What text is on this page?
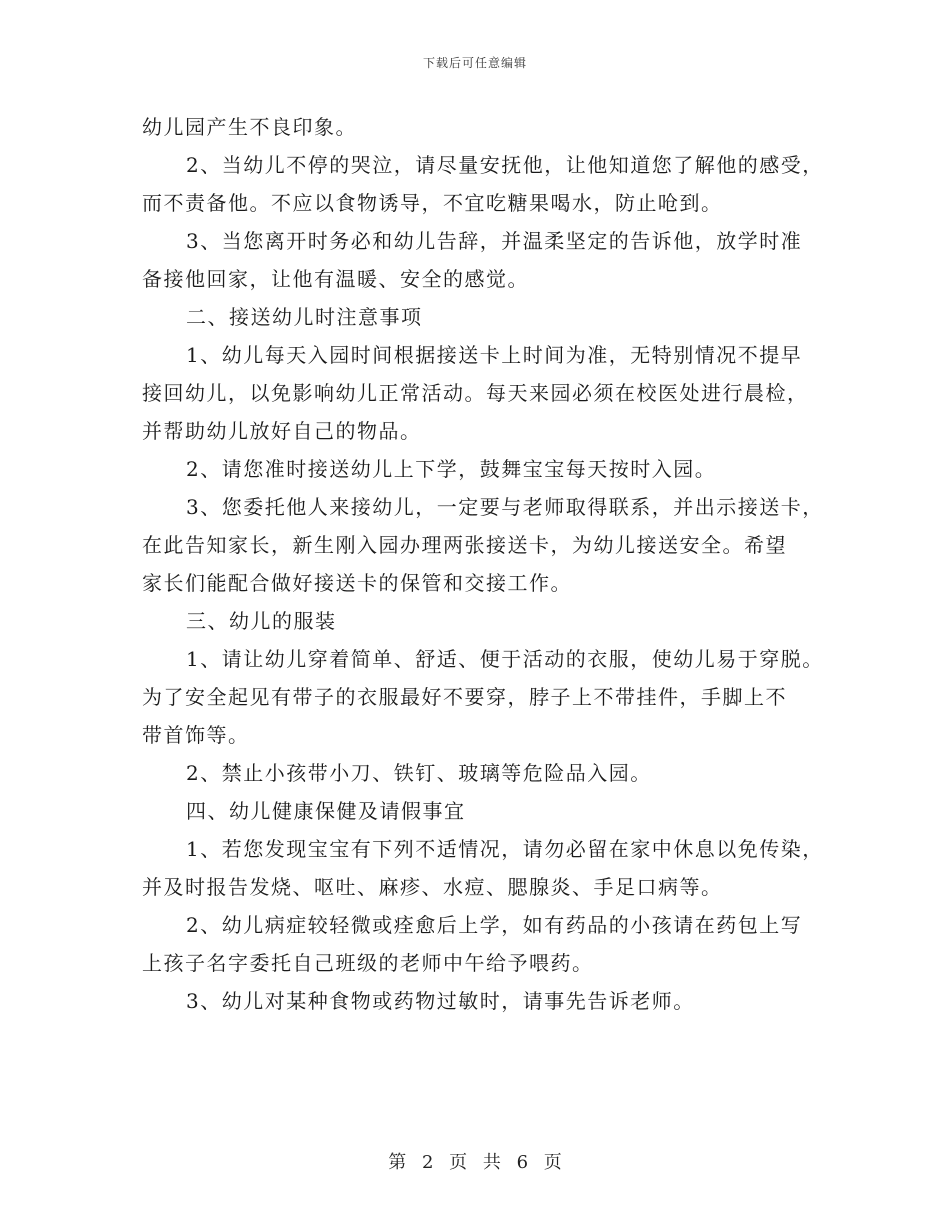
下载后可任意编辑
幼儿园产生不良印象。
2、当幼儿不停的哭泣，请尽量安抚他，让他知道您了解他的感受，
而不责备他。不应以食物诱导，不宜吃糖果喝水，防止呛到。
3、当您离开时务必和幼儿告辞，并温柔坚定的告诉他，放学时准
备接他回家，让他有温暖、安全的感觉。
二、接送幼儿时注意事项
1、幼儿每天入园时间根据接送卡上时间为准，无特别情况不提早
接回幼儿，以免影响幼儿正常活动。每天来园必须在校医处进行晨检，
并帮助幼儿放好自己的物品。
2、请您准时接送幼儿上下学，鼓舞宝宝每天按时入园。
3、您委托他人来接幼儿，一定要与老师取得联系，并出示接送卡，
在此告知家长，新生刚入园办理两张接送卡，为幼儿接送安全。希望
家长们能配合做好接送卡的保管和交接工作。
三、幼儿的服装
1、请让幼儿穿着简单、舒适、便于活动的衣服，使幼儿易于穿脱。
为了安全起见有带子的衣服最好不要穿，脖子上不带挂件，手脚上不
带首饰等。
2、禁止小孩带小刀、铁钉、玻璃等危险品入园。
四、幼儿健康保健及请假事宜
1、若您发现宝宝有下列不适情况，请勿必留在家中休息以免传染，
并及时报告发烧、呕吐、麻疹、水痘、腮腺炎、手足口病等。
2、幼儿病症较轻微或痊愈后上学，如有药品的小孩请在药包上写
上孩子名字委托自己班级的老师中午给予喂药。
3、幼儿对某种食物或药物过敏时，请事先告诉老师。
第 2 页 共 6 页
